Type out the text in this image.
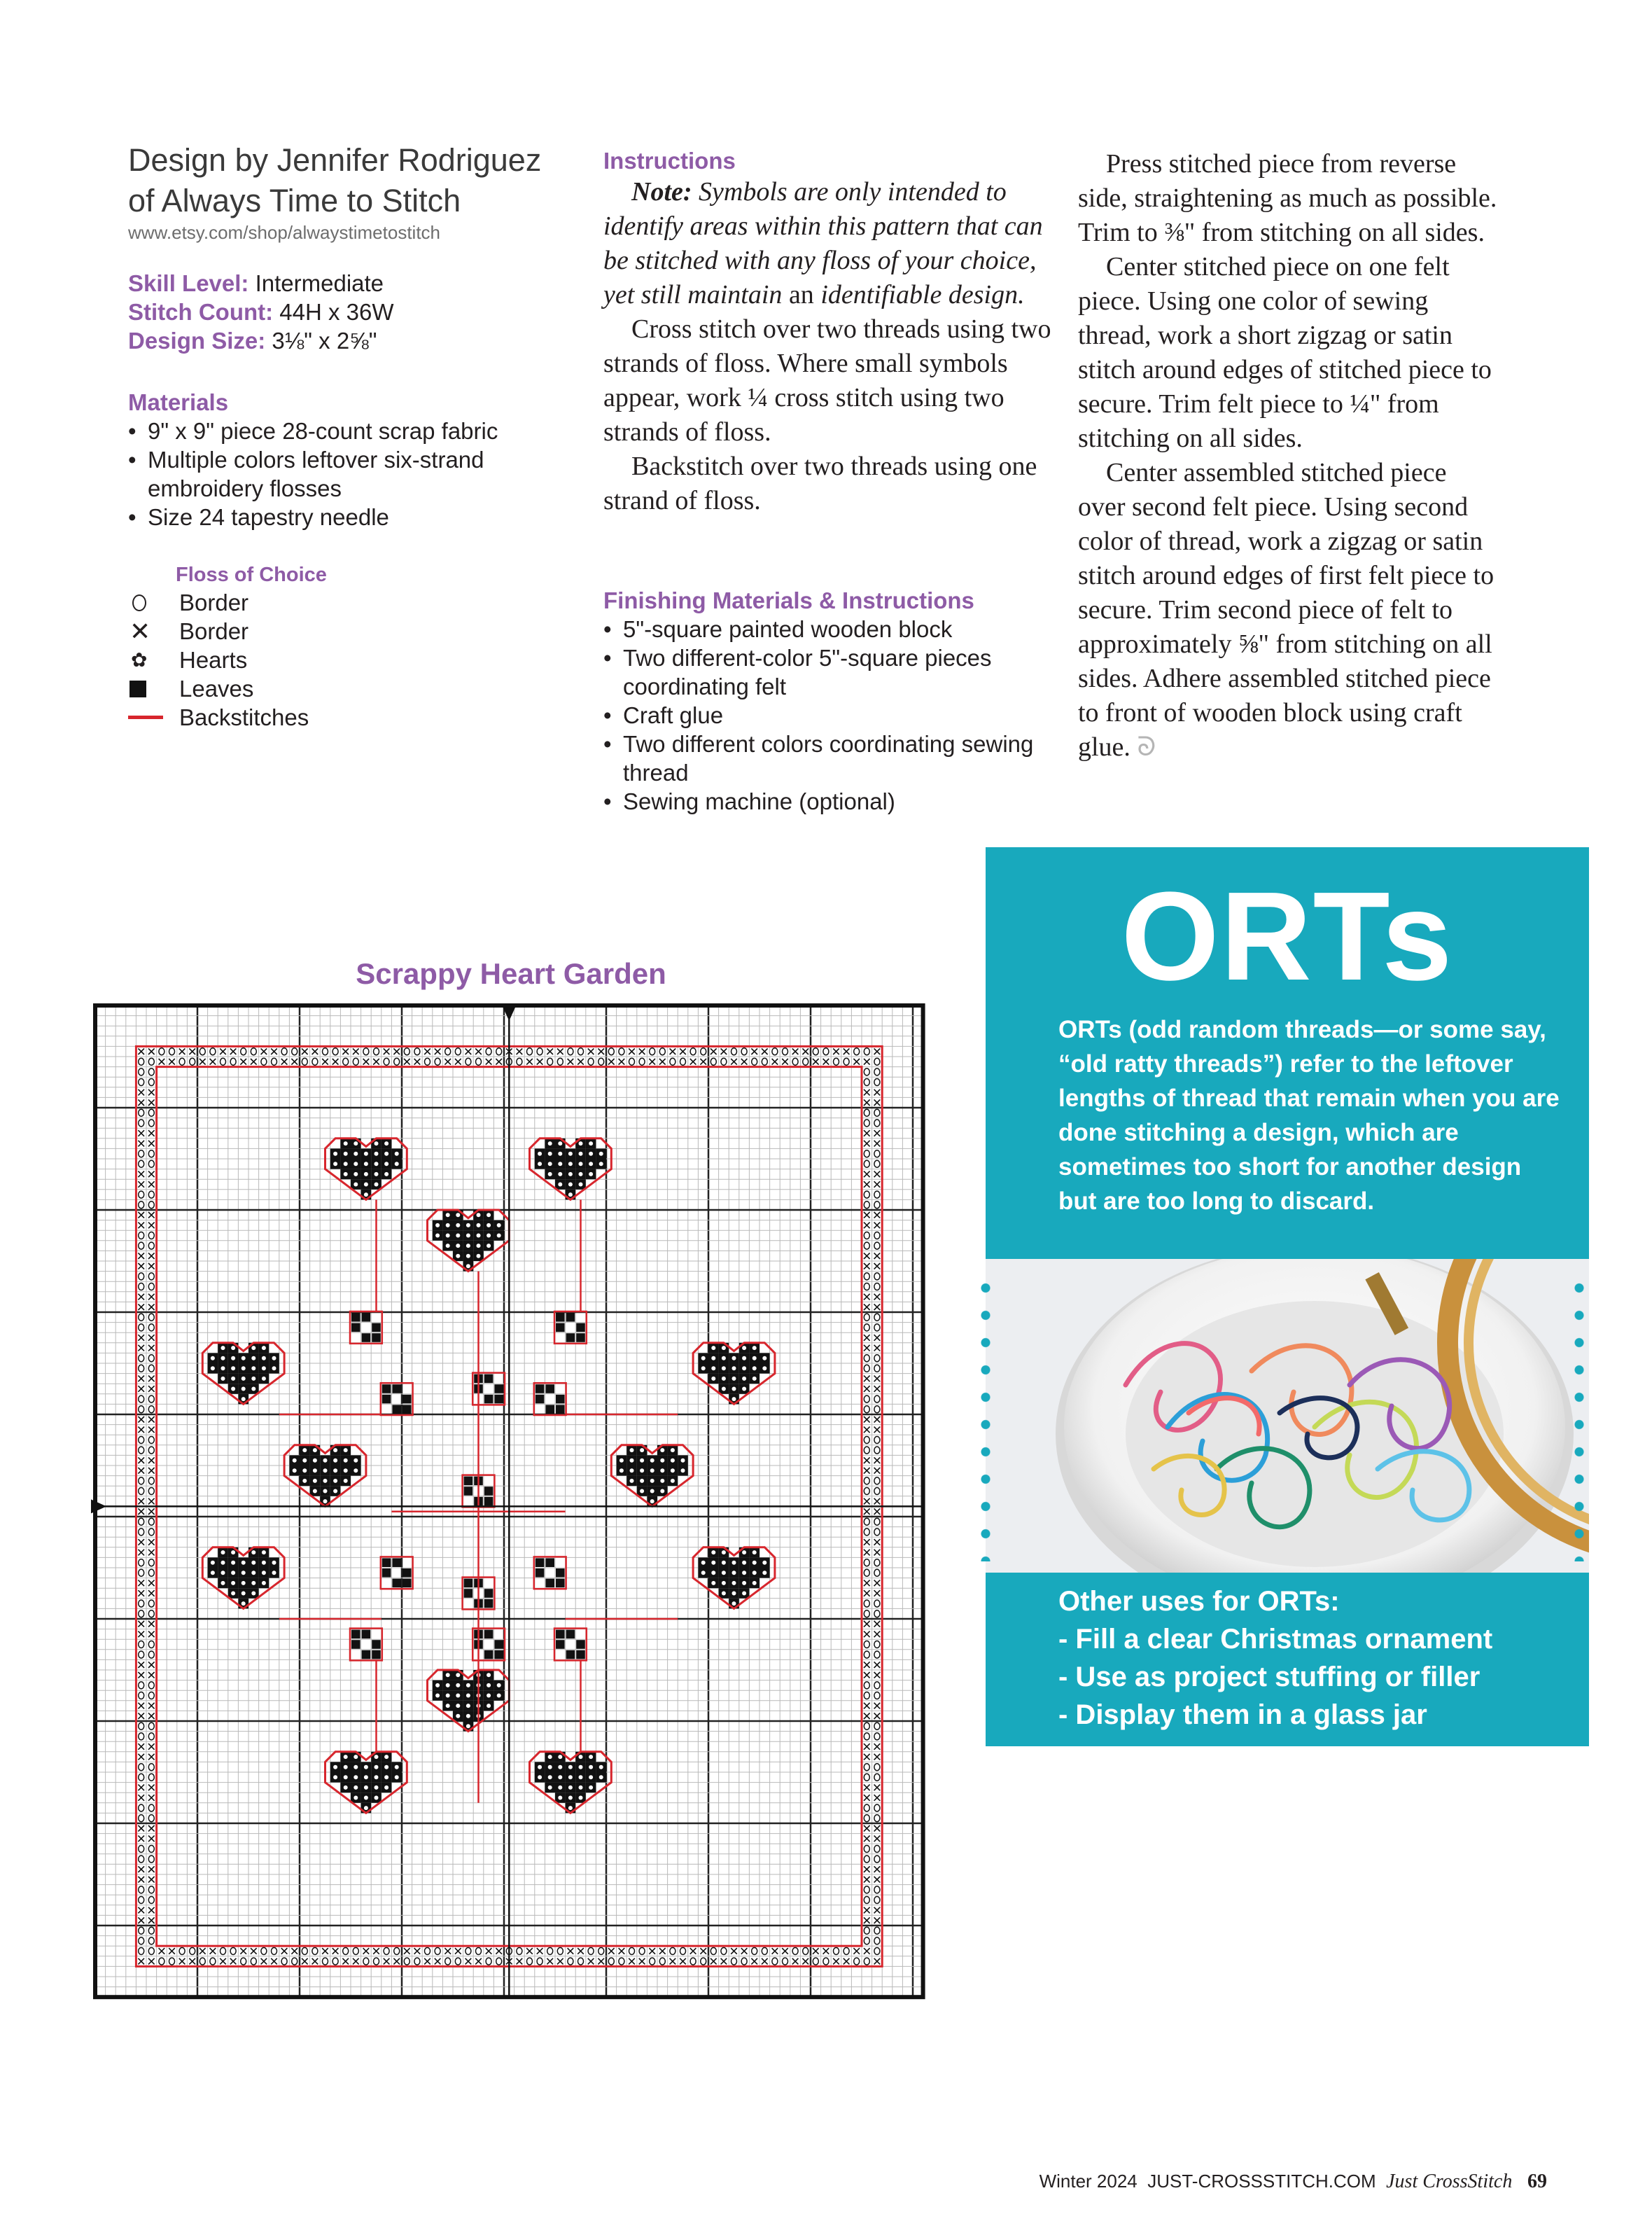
Design by Jennifer Rodriguez
of Always Time to Stitch
www.etsy.com/shop/alwaystimetostitch
Skill Level: Intermediate
Stitch Count: 44H x 36W
Design Size: 3⅛" x 2⅝"
Materials
• 9" x 9" piece 28-count scrap fabric
• Multiple colors leftover six-strand embroidery flosses
• Size 24 tapestry needle
Floss of Choice
Border
✕ Border
✿ Hearts
Leaves
Backstitches
Instructions

Note: Symbols are only intended to identify areas within this pattern that can be stitched with any floss of your choice, yet still maintain an identifiable design.

Cross stitch over two threads using two strands of floss. Where small symbols appear, work ¼ cross stitch using two strands of floss.

Backstitch over two threads using one strand of floss.

Finishing Materials & Instructions
• 5"-square painted wooden block
• Two different-color 5"-square pieces coordinating felt
• Craft glue
• Two different colors coordinating sewing thread
• Sewing machine (optional)

Press stitched piece from reverse side, straightening as much as possible. Trim to ⅜" from stitching on all sides.

Center stitched piece on one felt piece. Using one color of sewing thread, work a short zigzag or satin stitch around edges of stitched piece to secure. Trim felt piece to ¼" from stitching on all sides.

Center assembled stitched piece over second felt piece. Using second color of thread, work a zigzag or satin stitch around edges of first felt piece to secure. Trim second piece of felt to approximately ⅝" from stitching on all sides. Adhere assembled stitched piece to front of wooden block using craft glue. ᘐ

Scrappy Heart Garden	ORTs
ORTs (odd random threads—or some say, “old ratty threads”) refer to the leftover lengths of thread that remain when you are done stitching a design, which are sometimes too short for another design but are too long to discard.
Other uses for ORTs:
- Fill a clear Christmas ornament
- Use as project stuffing or filler
- Display them in a glass jar
Winter 2024 JUST-CROSSSTITCH.COM Just CrossStitch 69
